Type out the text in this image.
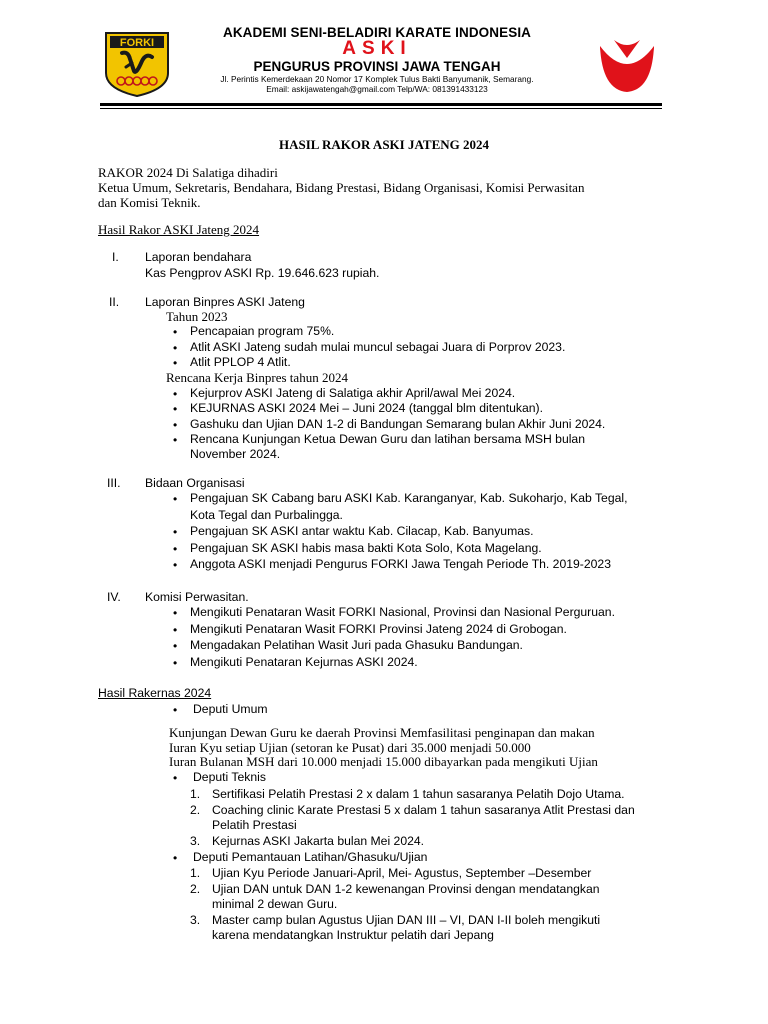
FORKI
AKADEMI SENI-BELADIRI KARATE INDONESIA
ASKI
PENGURUS PROVINSI JAWA TENGAH
Jl. Perintis Kemerdekaan 20 Nomor 17 Komplek Tulus Bakti Banyumanik, Semarang.
Email: askijawatengah@gmail.com Telp/WA: 081391433123
HASIL RAKOR ASKI JATENG 2024
RAKOR 2024 Di Salatiga dihadiri
Ketua Umum, Sekretaris, Bendahara, Bidang Prestasi, Bidang Organisasi, Komisi Perwasitan
dan Komisi Teknik.
Hasil Rakor ASKI Jateng 2024
I. Laporan bendahara
Kas Pengprov ASKI Rp. 19.646.623 rupiah.
II. Laporan Binpres ASKI Jateng
Tahun 2023
• Pencapaian program 75%.
• Atlit ASKI Jateng sudah mulai muncul sebagai Juara di Porprov 2023.
• Atlit PPLOP 4 Atlit.
Rencana Kerja Binpres tahun 2024
• Kejurprov ASKI Jateng di Salatiga akhir April/awal Mei 2024.
• KEJURNAS ASKI 2024 Mei – Juni 2024 (tanggal blm ditentukan).
• Gashuku dan Ujian DAN 1-2 di Bandungan Semarang bulan Akhir Juni 2024.
• Rencana Kunjungan Ketua Dewan Guru dan latihan bersama MSH bulan
November 2024.
III. Bidaan Organisasi
• Pengajuan SK Cabang baru ASKI Kab. Karanganyar, Kab. Sukoharjo, Kab Tegal,
Kota Tegal dan Purbalingga.
• Pengajuan SK ASKI antar waktu Kab. Cilacap, Kab. Banyumas.
• Pengajuan SK ASKI habis masa bakti Kota Solo, Kota Magelang.
• Anggota ASKI menjadi Pengurus FORKI Jawa Tengah Periode Th. 2019-2023
IV. Komisi Perwasitan.
• Mengikuti Penataran Wasit FORKI Nasional, Provinsi dan Nasional Perguruan.
• Mengikuti Penataran Wasit FORKI Provinsi Jateng 2024 di Grobogan.
• Mengadakan Pelatihan Wasit Juri pada Ghasuku Bandungan.
• Mengikuti Penataran Kejurnas ASKI 2024.
Hasil Rakernas 2024
• Deputi Umum
Kunjungan Dewan Guru ke daerah Provinsi Memfasilitasi penginapan dan makan
Iuran Kyu setiap Ujian (setoran ke Pusat) dari 35.000 menjadi 50.000
Iuran Bulanan MSH dari 10.000 menjadi 15.000 dibayarkan pada mengikuti Ujian
• Deputi Teknis
1. Sertifikasi Pelatih Prestasi 2 x dalam 1 tahun sasaranya Pelatih Dojo Utama.
2. Coaching clinic Karate Prestasi 5 x dalam 1 tahun sasaranya Atlit Prestasi dan
Pelatih Prestasi
3. Kejurnas ASKI Jakarta bulan Mei 2024.
• Deputi Pemantauan Latihan/Ghasuku/Ujian
1. Ujian Kyu Periode Januari-April, Mei- Agustus, September –Desember
2. Ujian DAN untuk DAN 1-2 kewenangan Provinsi dengan mendatangkan
minimal 2 dewan Guru.
3. Master camp bulan Agustus Ujian DAN III – VI, DAN I-II boleh mengikuti
karena mendatangkan Instruktur pelatih dari Jepang
